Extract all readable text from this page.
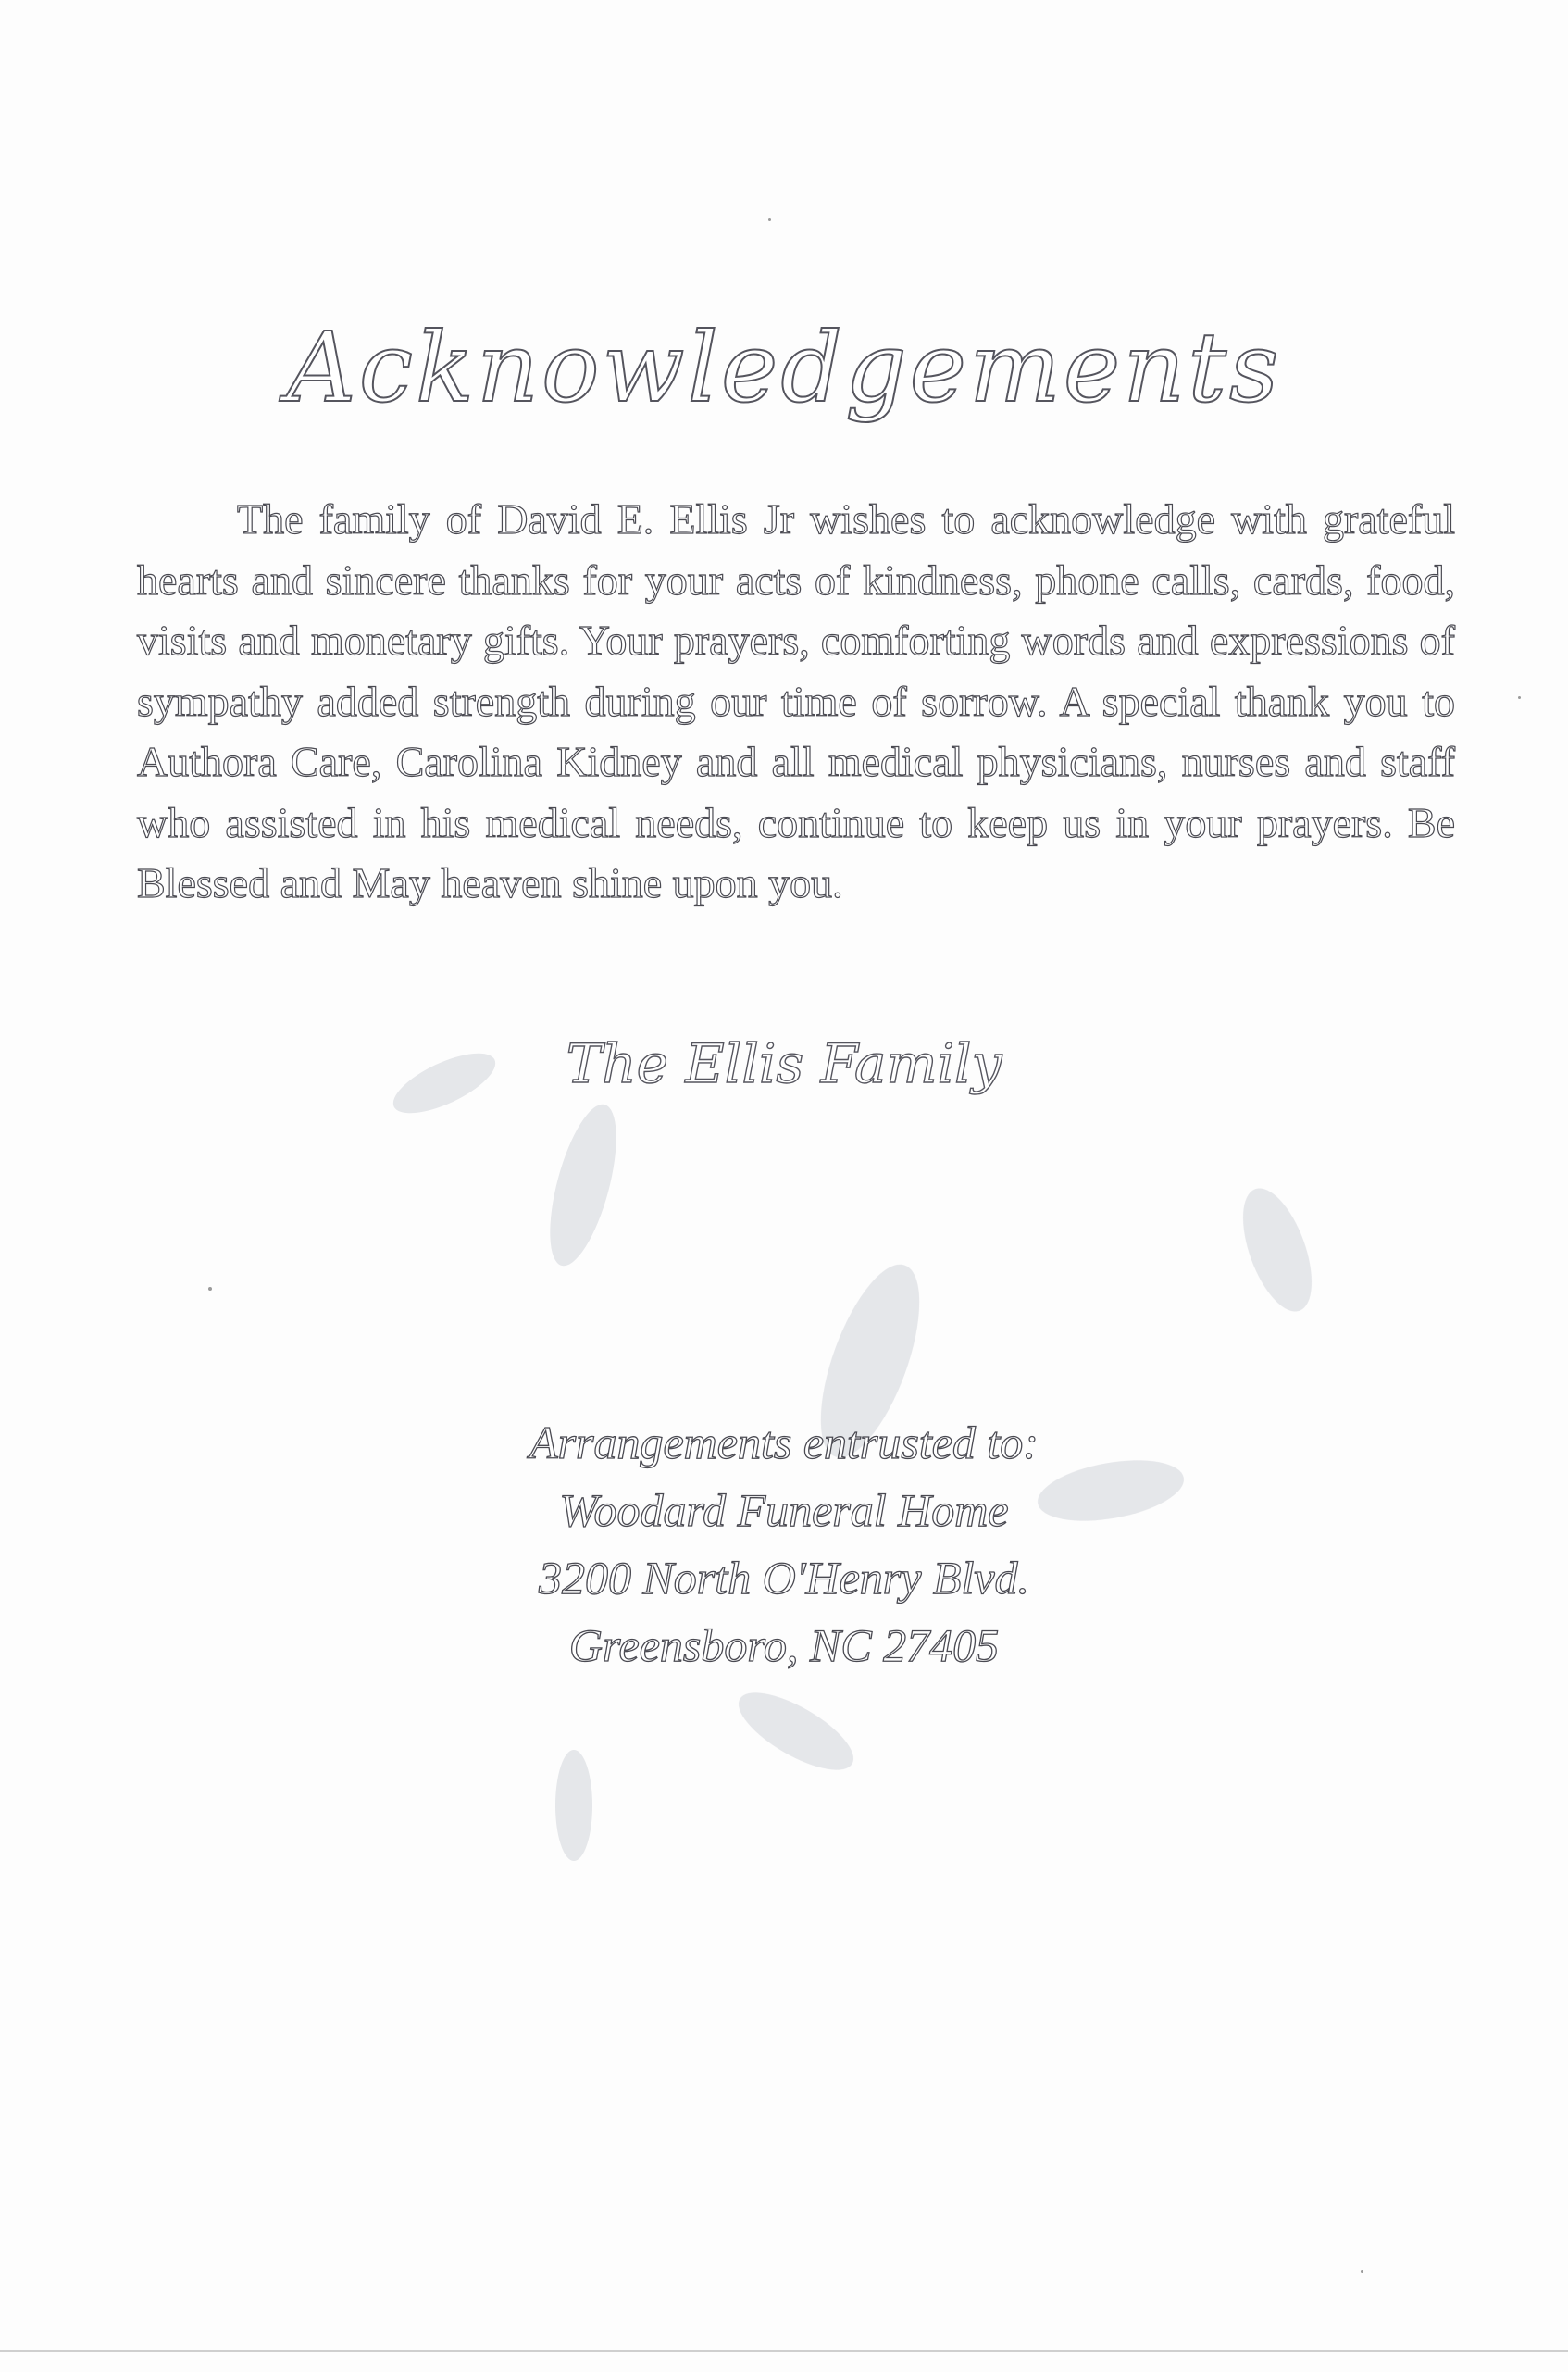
Acknowledgements

The family of David E. Ellis Jr wishes to acknowledge with grateful hearts and sincere thanks for your acts of kindness, phone calls, cards, food, visits and monetary gifts. Your prayers, comforting words and expressions of sympathy added strength during our time of sorrow. A special thank you to Authora Care, Carolina Kidney and all medical physicians, nurses and staff who assisted in his medical needs, continue to keep us in your prayers. Be Blessed and May heaven shine upon you.

The Ellis Family
Arrangements entrusted to:
Woodard Funeral Home
3200 North O'Henry Blvd.
Greensboro, NC 27405
